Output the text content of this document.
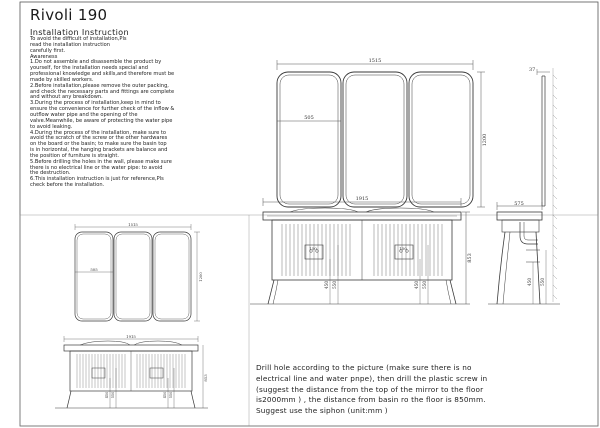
1515
505
1200
37
150	150
1915
853
450 550	450 550
575
450 550
1515
505
1200
1915
853
450 550	450 550
Rivoli 190
Installation Instruction

To avoid the difficult of installation,Pls

read the installation instruction

carefully first.

Awareness

1.Do not assemble and disassemble the product by

yourself, for the installation needs special and

professional knowledge and skills,and therefore must be

made by skilled workers.

2.Before installation,please remove the outer packing,

and check the necessary parts and fittings are complete

and without any breakdown.

3.During the process of installation,keep in mind to

ensure the convenience for further check of the inflow &

outflow water pipe and the opening of the

valve.Meanwhile, be aware of protecting the water pipe

to avoid leaking.

4.During the process of the installation, make sure to

avoid the scratch of the screw or the other hardwares

on the board or the basin; to make sure the basin top

is in horizontal, the hanging brackets are balance and

the position of furniture is straight.

5.Before drilling the holes in the wall, please make sure

there is no electrical line or the water pipe: to avoid

the destruction.

6.This installation instruction is just for reference,Pls

check before the installation.

Drill hole according to the picture (make sure there is no electrical line and water pnpe), then drill the plastic screw in (suggest the distance from the top of the mirror to the floor is2000mm ) , the distance from basin ro the floor is 850mm. Suggest use the siphon (unit:mm )
